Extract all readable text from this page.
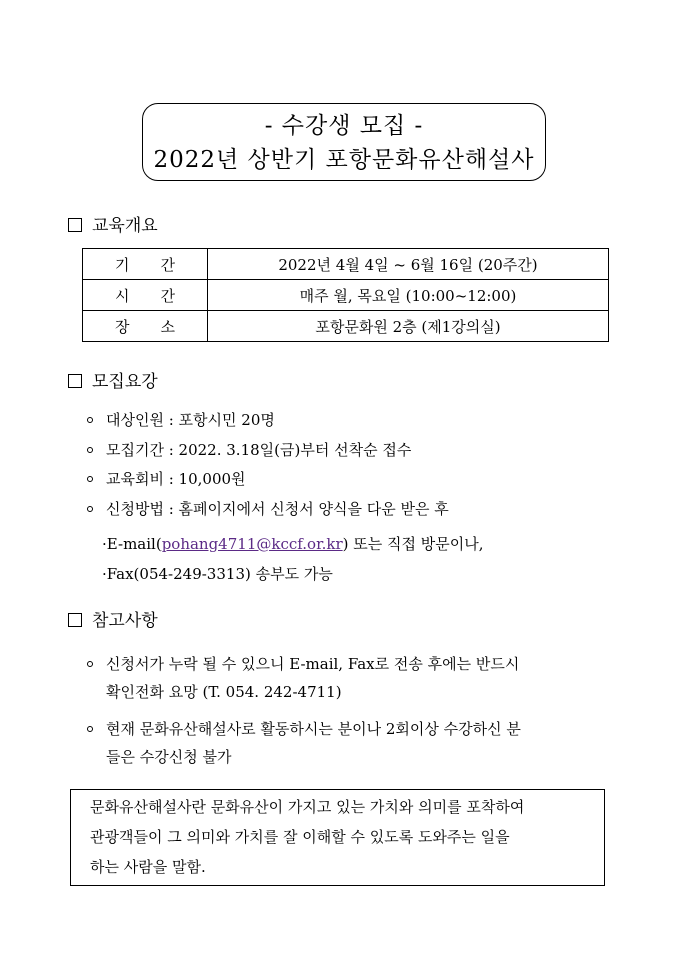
- 수강생 모집 -
2022년 상반기 포항문화유산해설사
교육개요
기 간	2022년 4월 4일 ~ 6월 16일 (20주간)
시 간	매주 월, 목요일 (10:00~12:00)
장 소	포항문화원 2층 (제1강의실)
모집요강
대상인원 : 포항시민 20명
모집기간 : 2022. 3.18일(금)부터 선착순 접수
교육회비 : 10,000원
신청방법 : 홈페이지에서 신청서 양식을 다운 받은 후
·E-mail(pohang4711@kccf.or.kr) 또는 직접 방문이나,
·Fax(054-249-3313) 송부도 가능
참고사항
신청서가 누락 될 수 있으니 E-mail, Fax로 전송 후에는 반드시
확인전화 요망 (T. 054. 242-4711)
현재 문화유산해설사로 활동하시는 분이나 2회이상 수강하신 분
들은 수강신청 불가
문화유산해설사란 문화유산이 가지고 있는 가치와 의미를 포착하여
관광객들이 그 의미와 가치를 잘 이해할 수 있도록 도와주는 일을
하는 사람을 말함.
